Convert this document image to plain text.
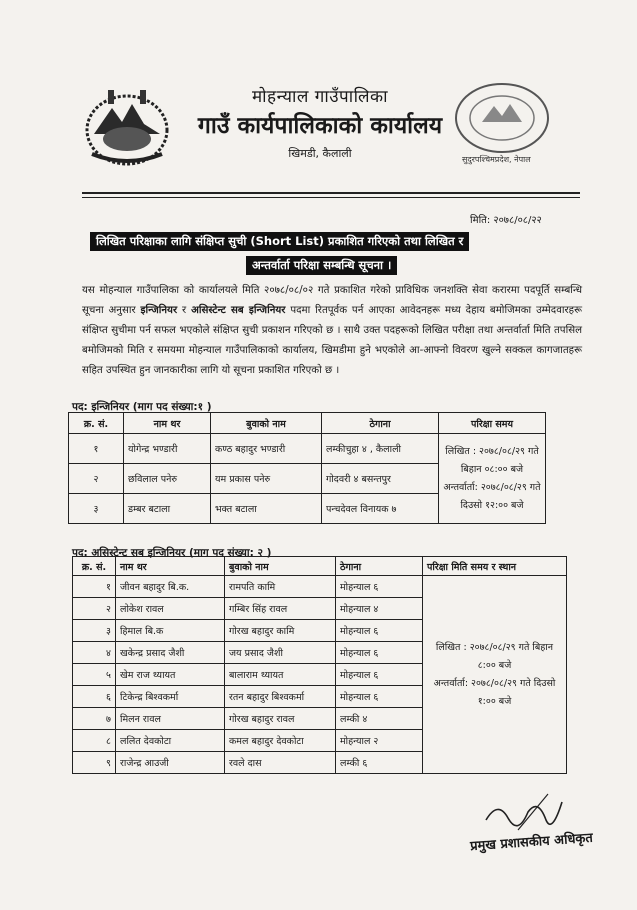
मोहन्याल गाउँपालिका
गाउँ कार्यपालिकाको कार्यालय
खिमडी, कैलाली	सुदुरपश्चिमप्रदेश, नेपाल
मिति: २०७८/०८/२२
लिखित परिक्षाका लागि संक्षिप्त सुची (Short List) प्रकाशित गरिएको तथा लिखित र
अन्तर्वार्ता परिक्षा सम्बन्धि सूचना ।
यस मोहन्याल गाउँपालिका को कार्यालयले मिति २०७८/०८/०२ गते प्रकाशित गरेको प्राविधिक जनशक्ति सेवा करारमा पदपूर्ति सम्बन्धि सूचना अनुसार इन्जिनियर र असिस्टेन्ट सब इन्जिनियर पदमा रितपूर्वक पर्न आएका आवेदनहरू मध्य देहाय बमोजिमका उम्मेदवारहरू संक्षिप्त सुचीमा पर्न सफल भएकोले संक्षिप्त सुची प्रकाशन गरिएको छ । साथै उक्त पदहरूको लिखित परीक्षा तथा अन्तर्वार्ता मिति तपसिल बमोजिमको मिति र समयमा मोहन्याल गाउँपालिकाको कार्यालय, खिमडीमा हुने भएकोले आ-आफ्नो विवरण खुल्ने सक्कल कागजातहरू सहित उपस्थित हुन जानकारीका लागि यो सूचना प्रकाशित गरिएको छ ।
पद: इन्जिनियर (माग पद संख्या:१ )
क्र. सं.	नाम थर	बुवाको नाम	ठेगाना	परिक्षा समय
१	योगेन्द्र भण्डारी	कण्ठ बहादुर भण्डारी	लम्कीचुहा ४ , कैलाली	लिखित : २०७८/०८/२९ गते
बिहान ०८:०० बजे
अन्तर्वार्ता: २०७८/०८/२९ गते
दिउसो १२:०० बजे

२	छविलाल पनेरु	यम प्रकास पनेरु	गोदवरी ४ बसन्तपुर	
३	डम्बर बटाला	भक्त बटाला	पन्चदेवल विनायक ७	
पद: असिस्टेन्ट सब इन्जिनियर (माग पद संख्या: २ )
क्र. सं.	नाम थर	बुवाको नाम	ठेगाना	परिक्षा मिति समय र स्थान
१	जीवन बहादुर बि.क.	रामपति कामि	मोहन्याल ६	लिखित : २०७८/०८/२९ गते बिहान
८:०० बजे
अन्तर्वार्ता: २०७८/०८/२९ गते दिउसो
१:०० बजे

२	लोकेश रावल	गम्बिर सिंह रावल	मोहन्याल ४	
३	हिमाल बि.क	गोरख बहादुर कामि	मोहन्याल ६	
४	खकेन्द्र प्रसाद जैशी	जय प्रसाद जैशी	मोहन्याल ६	
५	खेम राज थ्यायत	बालाराम थ्यायत	मोहन्याल ६	
६	टिकेन्द्र बिश्वकर्मा	रतन बहादुर बिश्वकर्मा	मोहन्याल ६	
७	मिलन रावल	गोरख बहादुर रावल	लम्की ४	
८	ललित देवकोटा	कमल बहादुर देवकोटा	मोहन्याल २	
९	राजेन्द्र आउजी	रवले दास	लम्की ६	
प्रमुख प्रशासकीय अधिकृत
